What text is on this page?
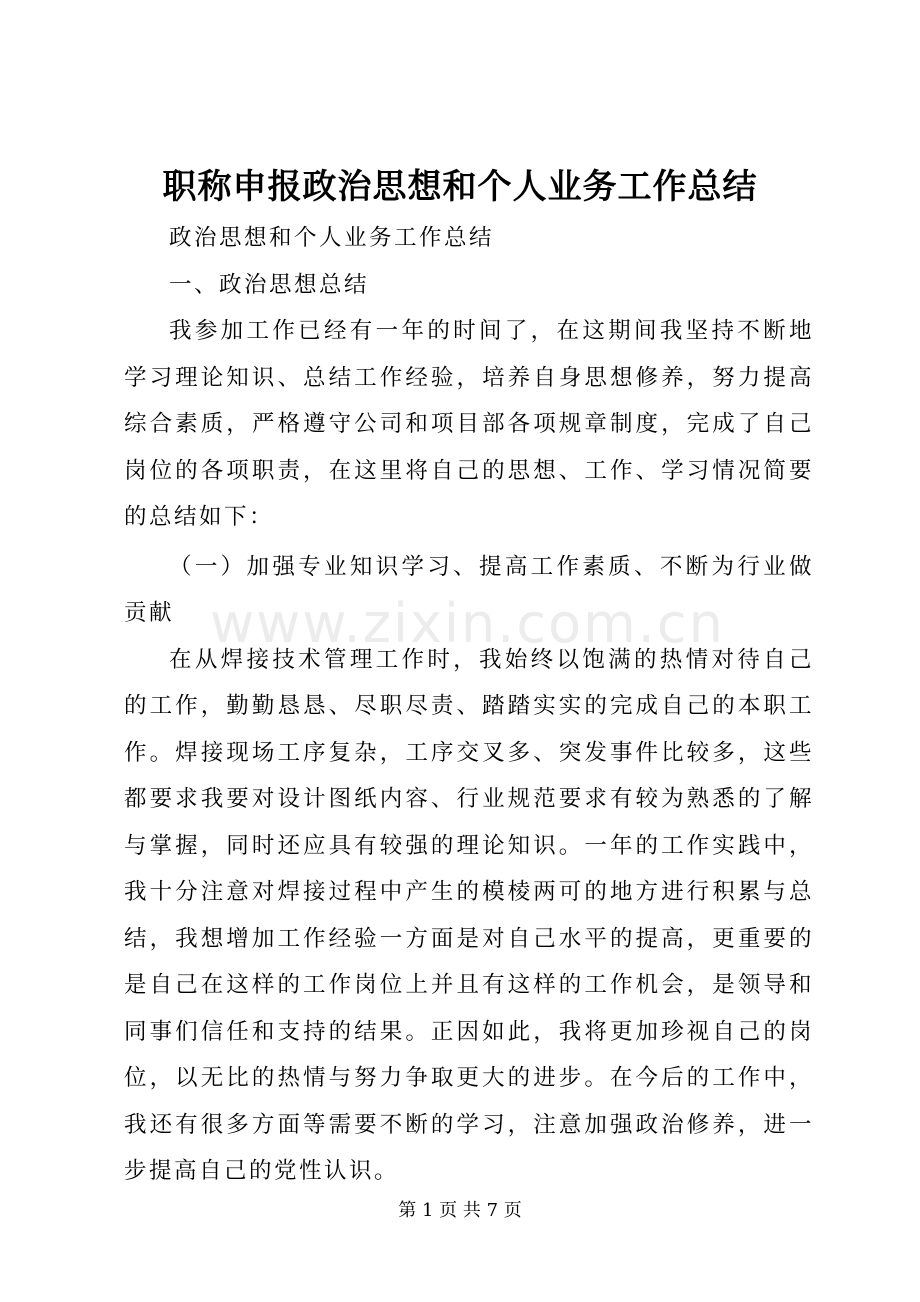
职称申报政治思想和个人业务工作总结
www.zixin.com.cn

政治思想和个人业务工作总结

一、政治思想总结

我参加工作已经有一年的时间了，在这期间我坚持不断地学习理论知识、总结工作经验，培养自身思想修养，努力提高综合素质，严格遵守公司和项目部各项规章制度，完成了自己岗位的各项职责，在这里将自己的思想、工作、学习情况简要的总结如下：

（一）加强专业知识学习、提高工作素质、不断为行业做贡献

在从焊接技术管理工作时，我始终以饱满的热情对待自己的工作，勤勤恳恳、尽职尽责、踏踏实实的完成自己的本职工作。焊接现场工序复杂，工序交叉多、突发事件比较多，这些都要求我要对设计图纸内容、行业规范要求有较为熟悉的了解与掌握，同时还应具有较强的理论知识。一年的工作实践中，我十分注意对焊接过程中产生的模棱两可的地方进行积累与总结，我想增加工作经验一方面是对自己水平的提高，更重要的是自己在这样的工作岗位上并且有这样的工作机会，是领导和同事们信任和支持的结果。正因如此，我将更加珍视自己的岗位，以无比的热情与努力争取更大的进步。在今后的工作中，我还有很多方面等需要不断的学习，注意加强政治修养，进一步提高自己的党性认识。

第 1 页 共 7 页
